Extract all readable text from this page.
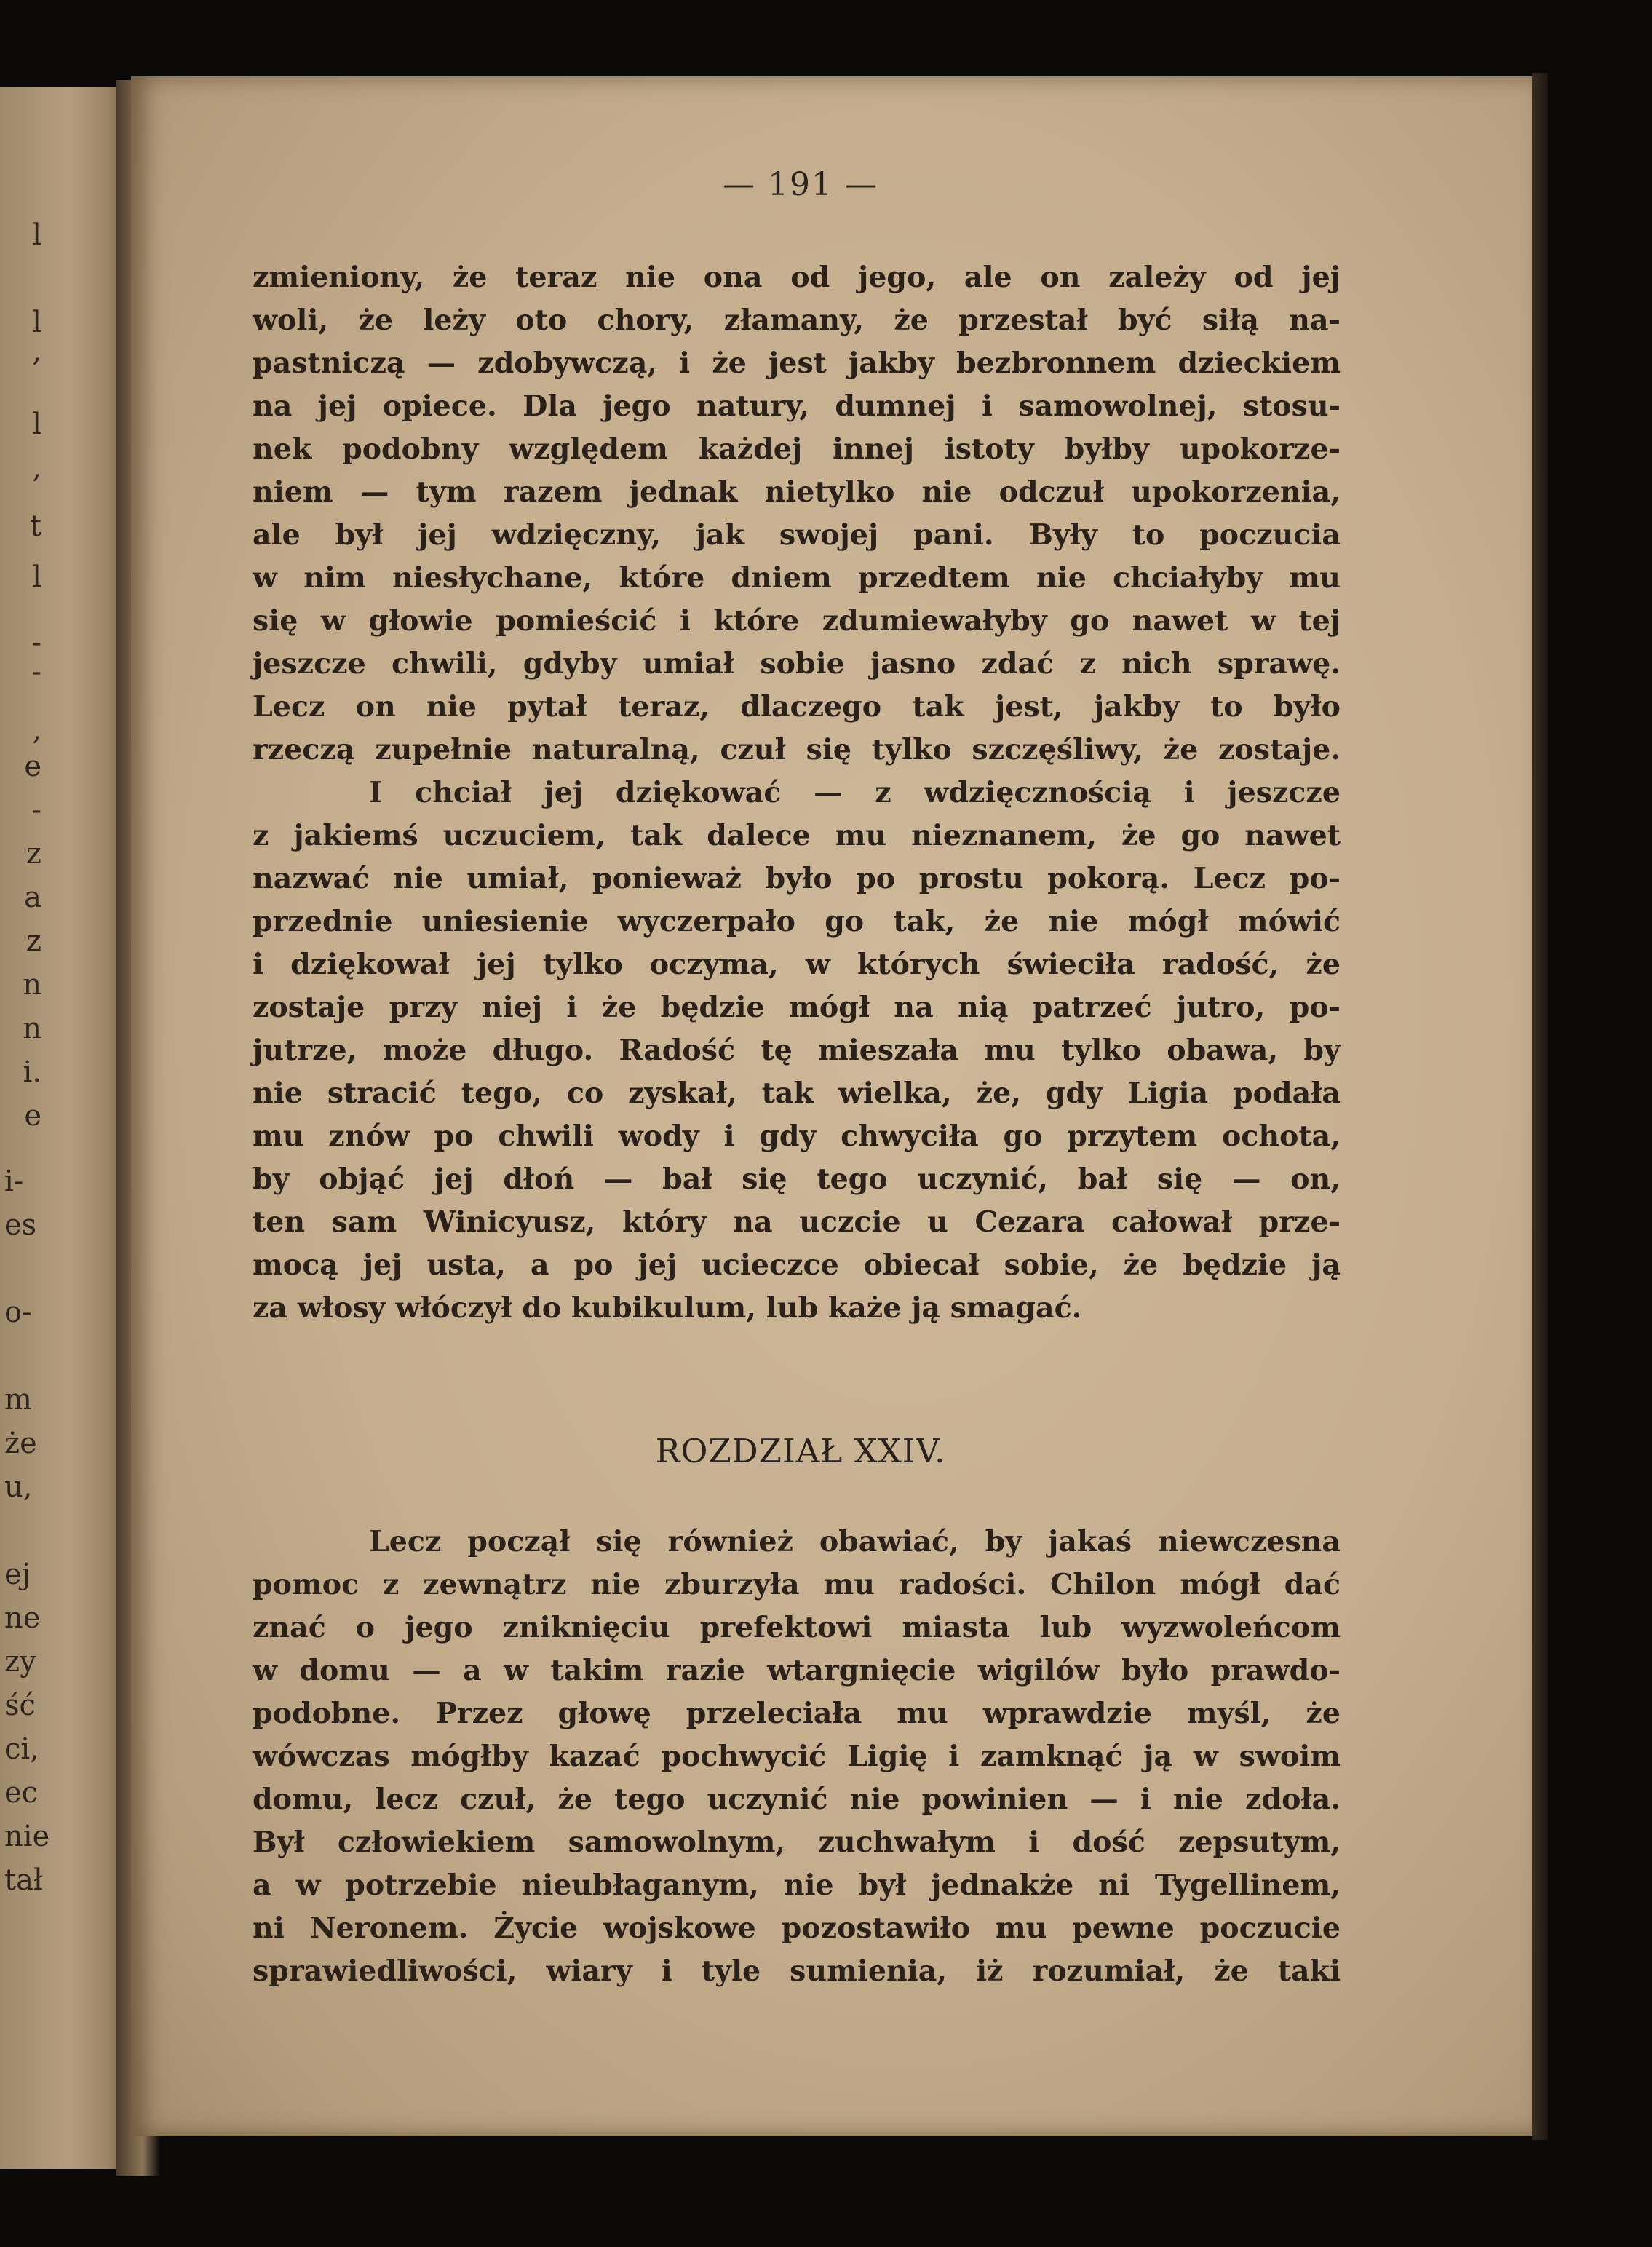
l
l
,
l
,
t
l
-
-
,
e
-
z
a
z
n
n
i.
e
i-
es
o-
m
że
u,
ej
ne
zy
ść
ci,
ec
nie
tał
— 191 —
zmieniony, że teraz nie ona od jego, ale on zależy od jej
woli, że leży oto chory, złamany, że przestał być siłą na-
pastniczą — zdobywczą, i że jest jakby bezbronnem dzieckiem
na jej opiece. Dla jego natury, dumnej i samowolnej, stosu-
nek podobny względem każdej innej istoty byłby upokorze-
niem — tym razem jednak nietylko nie odczuł upokorzenia,
ale był jej wdzięczny, jak swojej pani. Były to poczucia
w nim niesłychane, które dniem przedtem nie chciałyby mu
się w głowie pomieścić i które zdumiewałyby go nawet w tej
jeszcze chwili, gdyby umiał sobie jasno zdać z nich sprawę.
Lecz on nie pytał teraz, dlaczego tak jest, jakby to było
rzeczą zupełnie naturalną, czuł się tylko szczęśliwy, że zostaje.
I chciał jej dziękować — z wdzięcznością i jeszcze
z jakiemś uczuciem, tak dalece mu nieznanem, że go nawet
nazwać nie umiał, ponieważ było po prostu pokorą. Lecz po-
przednie uniesienie wyczerpało go tak, że nie mógł mówić
i dziękował jej tylko oczyma, w których świeciła radość, że
zostaje przy niej i że będzie mógł na nią patrzeć jutro, po-
jutrze, może długo. Radość tę mieszała mu tylko obawa, by
nie stracić tego, co zyskał, tak wielka, że, gdy Ligia podała
mu znów po chwili wody i gdy chwyciła go przytem ochota,
by objąć jej dłoń — bał się tego uczynić, bał się — on,
ten sam Winicyusz, który na uczcie u Cezara całował prze-
mocą jej usta, a po jej ucieczce obiecał sobie, że będzie ją
za włosy włóczył do kubikulum, lub każe ją smagać.
ROZDZIAŁ XXIV.
Lecz począł się również obawiać, by jakaś niewczesna
pomoc z zewnątrz nie zburzyła mu radości. Chilon mógł dać
znać o jego zniknięciu prefektowi miasta lub wyzwoleńcom
w domu — a w takim razie wtargnięcie wigilów było prawdo-
podobne. Przez głowę przeleciała mu wprawdzie myśl, że
wówczas mógłby kazać pochwycić Ligię i zamknąć ją w swoim
domu, lecz czuł, że tego uczynić nie powinien — i nie zdoła.
Był człowiekiem samowolnym, zuchwałym i dość zepsutym,
a w potrzebie nieubłaganym, nie był jednakże ni Tygellinem,
ni Neronem. Życie wojskowe pozostawiło mu pewne poczucie
sprawiedliwości, wiary i tyle sumienia, iż rozumiał, że taki
